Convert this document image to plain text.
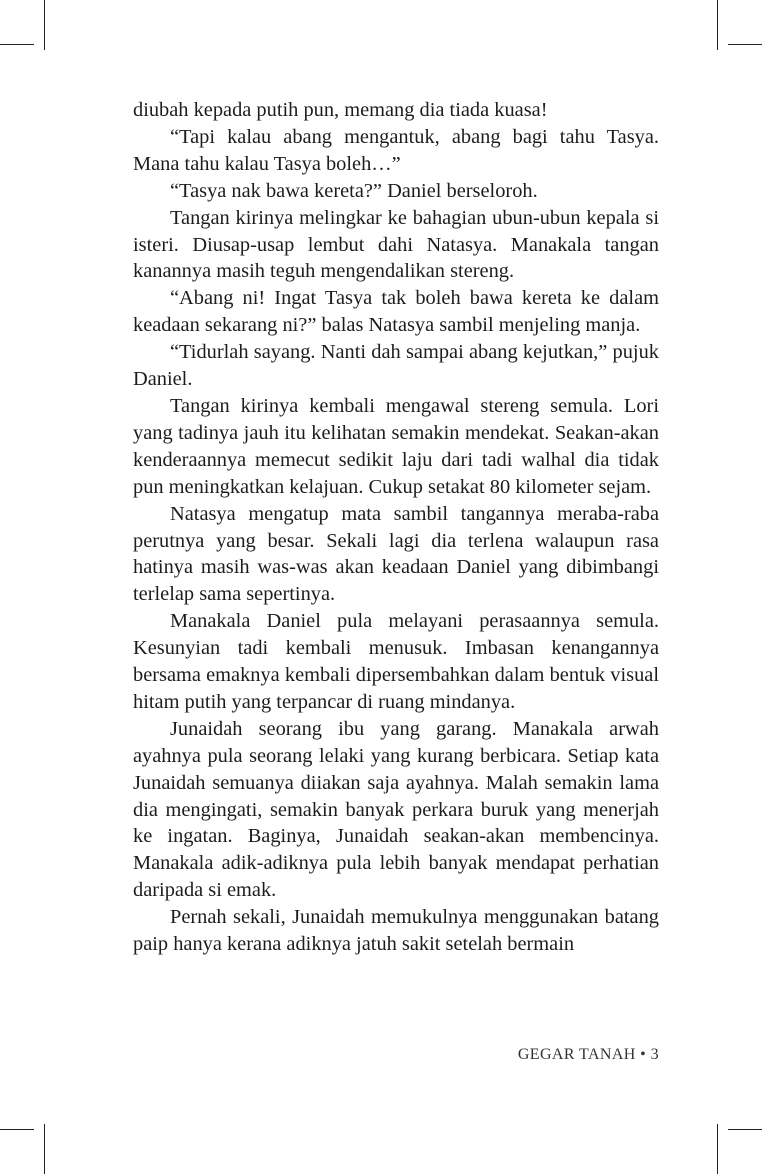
diubah kepada putih pun, memang dia tiada kuasa!

“Tapi kalau abang mengantuk, abang bagi tahu Tasya. Mana tahu kalau Tasya boleh…”

“Tasya nak bawa kereta?” Daniel berseloroh.

Tangan kirinya melingkar ke bahagian ubun-ubun kepala si isteri. Diusap-usap lembut dahi Natasya. Manakala tangan kanannya masih teguh mengendalikan stereng.

“Abang ni! Ingat Tasya tak boleh bawa kereta ke dalam keadaan sekarang ni?” balas Natasya sambil menjeling manja.

“Tidurlah sayang. Nanti dah sampai abang kejutkan,” pujuk Daniel.

Tangan kirinya kembali mengawal stereng semula. Lori yang tadinya jauh itu kelihatan semakin mendekat. Seakan-akan kenderaannya memecut sedikit laju dari tadi walhal dia tidak pun meningkatkan kelajuan. Cukup setakat 80 kilometer sejam.

Natasya mengatup mata sambil tangannya meraba-raba perutnya yang besar. Sekali lagi dia terlena walaupun rasa hatinya masih was-was akan keadaan Daniel yang dibimbangi terlelap sama sepertinya.

Manakala Daniel pula melayani perasaannya semula. Kesunyian tadi kembali menusuk. Imbasan kenangannya bersama emaknya kembali dipersembahkan dalam bentuk visual hitam putih yang terpancar di ruang mindanya.

Junaidah seorang ibu yang garang. Manakala arwah ayahnya pula seorang lelaki yang kurang berbicara. Setiap kata Junaidah semuanya diiakan saja ayahnya. Malah semakin lama dia mengingati, semakin banyak perkara buruk yang menerjah ke ingatan. Baginya, Junaidah seakan-akan membencinya. Manakala adik-adiknya pula lebih banyak mendapat perhatian daripada si emak.

Pernah sekali, Junaidah memukulnya menggunakan batang paip hanya kerana adiknya jatuh sakit setelah bermain

GEGAR TANAH • 3
